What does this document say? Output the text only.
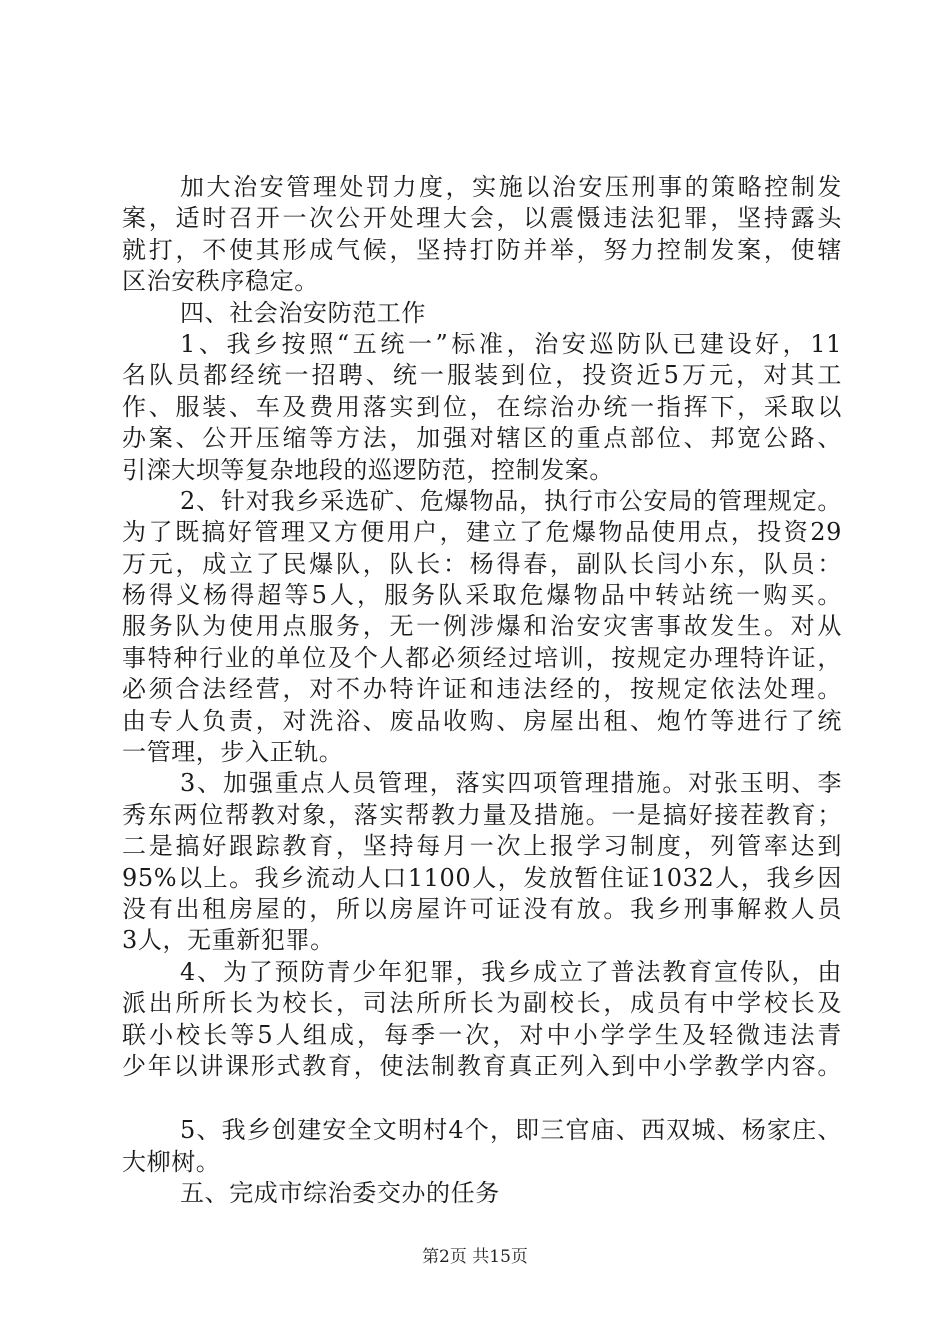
加大治安管理处罚力度，实施以治安压刑事的策略控制发
案，适时召开一次公开处理大会，以震慑违法犯罪，坚持露头
就打，不使其形成气候，坚持打防并举，努力控制发案，使辖
区治安秩序稳定。
四、社会治安防范工作
1、我乡按照“五统一”标准，治安巡防队已建设好，11
名队员都经统一招聘、统一服装到位，投资近5万元，对其工
作、服装、车及费用落实到位，在综治办统一指挥下，采取以
办案、公开压缩等方法，加强对辖区的重点部位、邦宽公路、
引滦大坝等复杂地段的巡逻防范，控制发案。
2、针对我乡采选矿、危爆物品，执行市公安局的管理规定。
为了既搞好管理又方便用户，建立了危爆物品使用点，投资29
万元，成立了民爆队，队长：杨得春，副队长闫小东，队员：
杨得义杨得超等5人，服务队采取危爆物品中转站统一购买。
服务队为使用点服务，无一例涉爆和治安灾害事故发生。对从
事特种行业的单位及个人都必须经过培训，按规定办理特许证，
必须合法经营，对不办特许证和违法经的，按规定依法处理。
由专人负责，对洗浴、废品收购、房屋出租、炮竹等进行了统
一管理，步入正轨。
3、加强重点人员管理，落实四项管理措施。对张玉明、李
秀东两位帮教对象，落实帮教力量及措施。一是搞好接茬教育；
二是搞好跟踪教育，坚持每月一次上报学习制度，列管率达到
95%以上。我乡流动人口1100人，发放暂住证1032人，我乡因
没有出租房屋的，所以房屋许可证没有放。我乡刑事解救人员
3人，无重新犯罪。
4、为了预防青少年犯罪，我乡成立了普法教育宣传队，由
派出所所长为校长，司法所所长为副校长，成员有中学校长及
联小校长等5人组成，每季一次，对中小学学生及轻微违法青
少年以讲课形式教育，使法制教育真正列入到中小学教学内容。
5、我乡创建安全文明村4个，即三官庙、西双城、杨家庄、
大柳树。
五、完成市综治委交办的任务
第2页 共15页
